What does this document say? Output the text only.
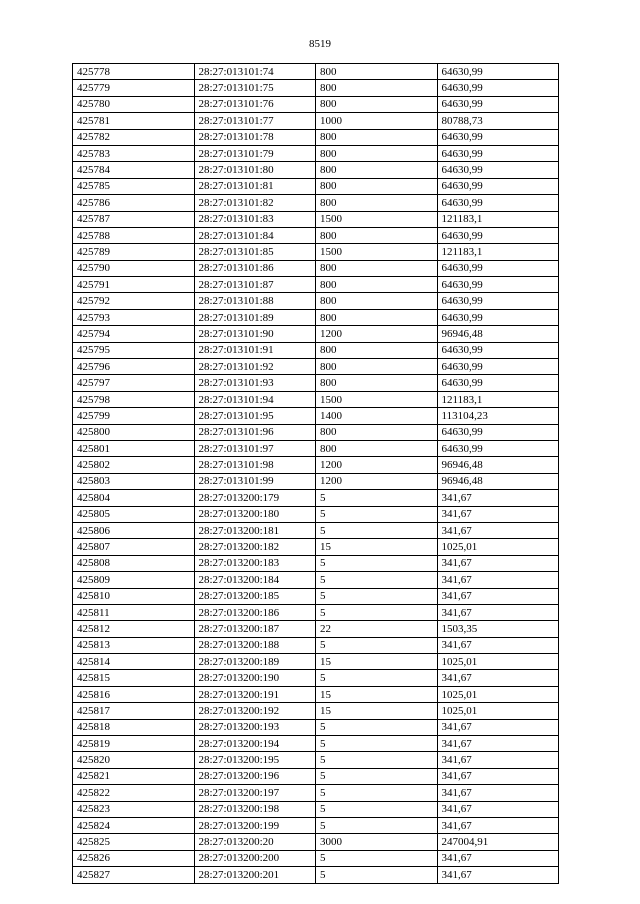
8519
425778	28:27:013101:74	800	64630,99
425779	28:27:013101:75	800	64630,99
425780	28:27:013101:76	800	64630,99
425781	28:27:013101:77	1000	80788,73
425782	28:27:013101:78	800	64630,99
425783	28:27:013101:79	800	64630,99
425784	28:27:013101:80	800	64630,99
425785	28:27:013101:81	800	64630,99
425786	28:27:013101:82	800	64630,99
425787	28:27:013101:83	1500	121183,1
425788	28:27:013101:84	800	64630,99
425789	28:27:013101:85	1500	121183,1
425790	28:27:013101:86	800	64630,99
425791	28:27:013101:87	800	64630,99
425792	28:27:013101:88	800	64630,99
425793	28:27:013101:89	800	64630,99
425794	28:27:013101:90	1200	96946,48
425795	28:27:013101:91	800	64630,99
425796	28:27:013101:92	800	64630,99
425797	28:27:013101:93	800	64630,99
425798	28:27:013101:94	1500	121183,1
425799	28:27:013101:95	1400	113104,23
425800	28:27:013101:96	800	64630,99
425801	28:27:013101:97	800	64630,99
425802	28:27:013101:98	1200	96946,48
425803	28:27:013101:99	1200	96946,48
425804	28:27:013200:179	5	341,67
425805	28:27:013200:180	5	341,67
425806	28:27:013200:181	5	341,67
425807	28:27:013200:182	15	1025,01
425808	28:27:013200:183	5	341,67
425809	28:27:013200:184	5	341,67
425810	28:27:013200:185	5	341,67
425811	28:27:013200:186	5	341,67
425812	28:27:013200:187	22	1503,35
425813	28:27:013200:188	5	341,67
425814	28:27:013200:189	15	1025,01
425815	28:27:013200:190	5	341,67
425816	28:27:013200:191	15	1025,01
425817	28:27:013200:192	15	1025,01
425818	28:27:013200:193	5	341,67
425819	28:27:013200:194	5	341,67
425820	28:27:013200:195	5	341,67
425821	28:27:013200:196	5	341,67
425822	28:27:013200:197	5	341,67
425823	28:27:013200:198	5	341,67
425824	28:27:013200:199	5	341,67
425825	28:27:013200:20	3000	247004,91
425826	28:27:013200:200	5	341,67
425827	28:27:013200:201	5	341,67
